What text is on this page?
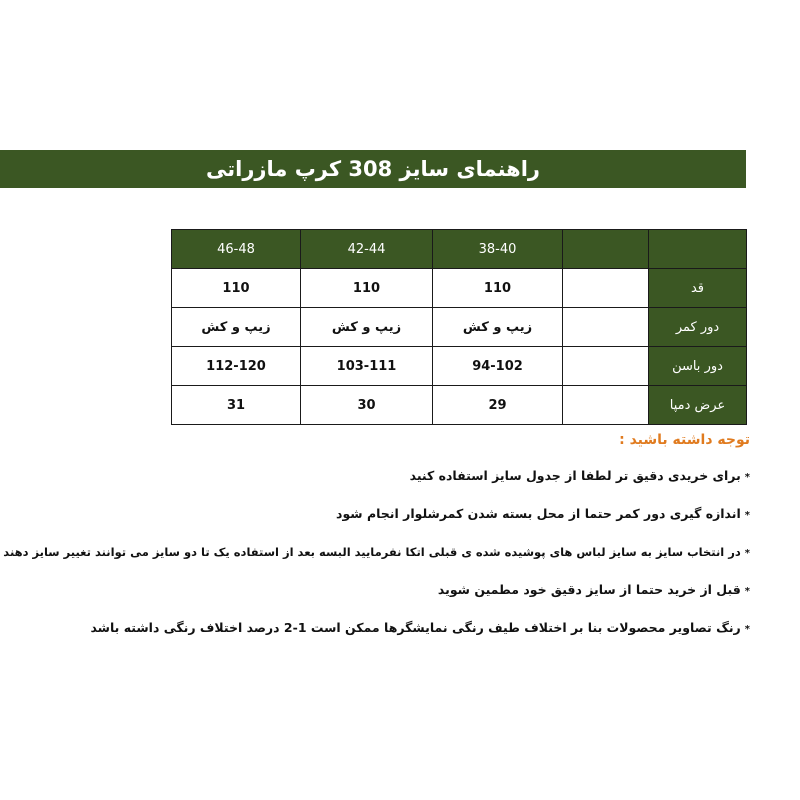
راهنمای سایز 308 کرپ مازراتی
46-48	42-44	38-40		
110	110	110		قد
زیپ و کش	زیپ و کش	زیپ و کش		دور کمر
112-120	103-111	94-102		دور باسن
31	30	29		عرض دمپا
توجه داشته باشید :
*برای خریدی دقیق تر لطفا از جدول سایز استفاده کنید
*اندازه گیری دور کمر حتما از محل بسته شدن کمرشلوار انجام شود
*در انتخاب سایز به سایز لباس های پوشیده شده ی قبلی اتکا نفرمایید البسه بعد از استفاده یک تا دو سایز می توانند تغییر سایز دهند
*قبل از خرید حتما از سایز دقیق خود مطمین شوید
*رنگ تصاویر محصولات بنا بر اختلاف طیف رنگی نمایشگرها ممکن است 1-2 درصد اختلاف رنگی داشته باشد
